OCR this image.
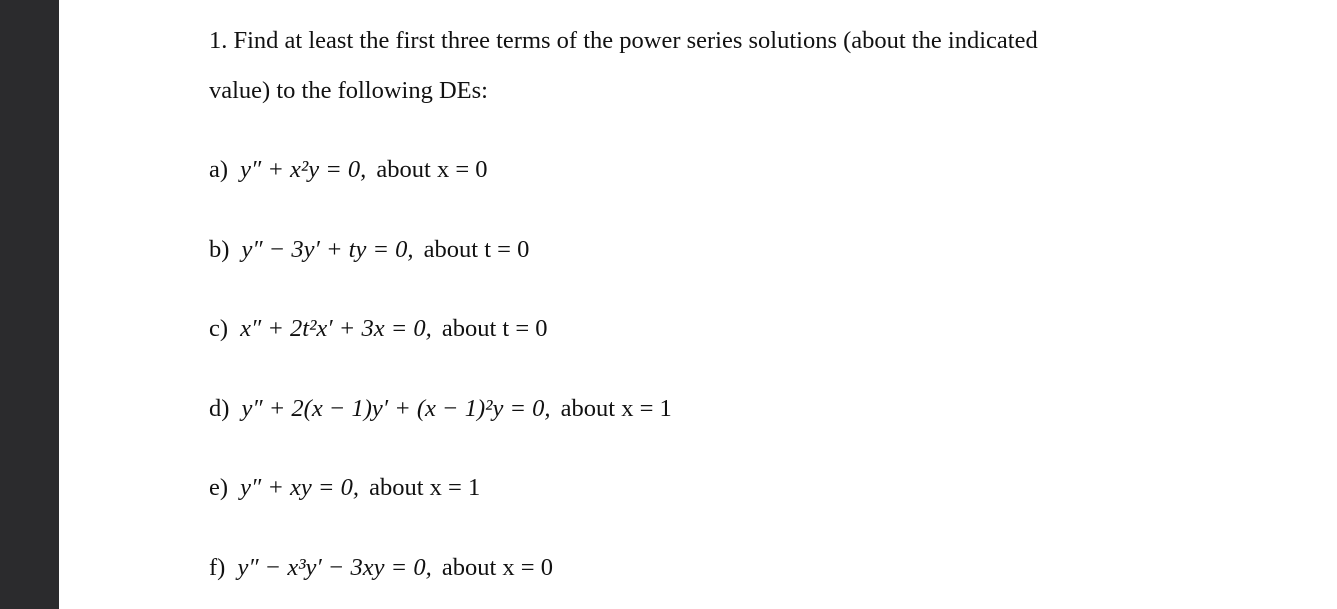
1. Find at least the first three terms of the power series solutions (about the indicated
value) to the following DEs:
a) y″ + x²y = 0, about x = 0
b) y″ − 3y′ + ty = 0, about t = 0
c) x″ + 2t²x′ + 3x = 0, about t = 0
d) y″ + 2(x − 1)y′ + (x − 1)²y = 0, about x = 1
e) y″ + xy = 0, about x = 1
f) y″ − x³y′ − 3xy = 0, about x = 0
